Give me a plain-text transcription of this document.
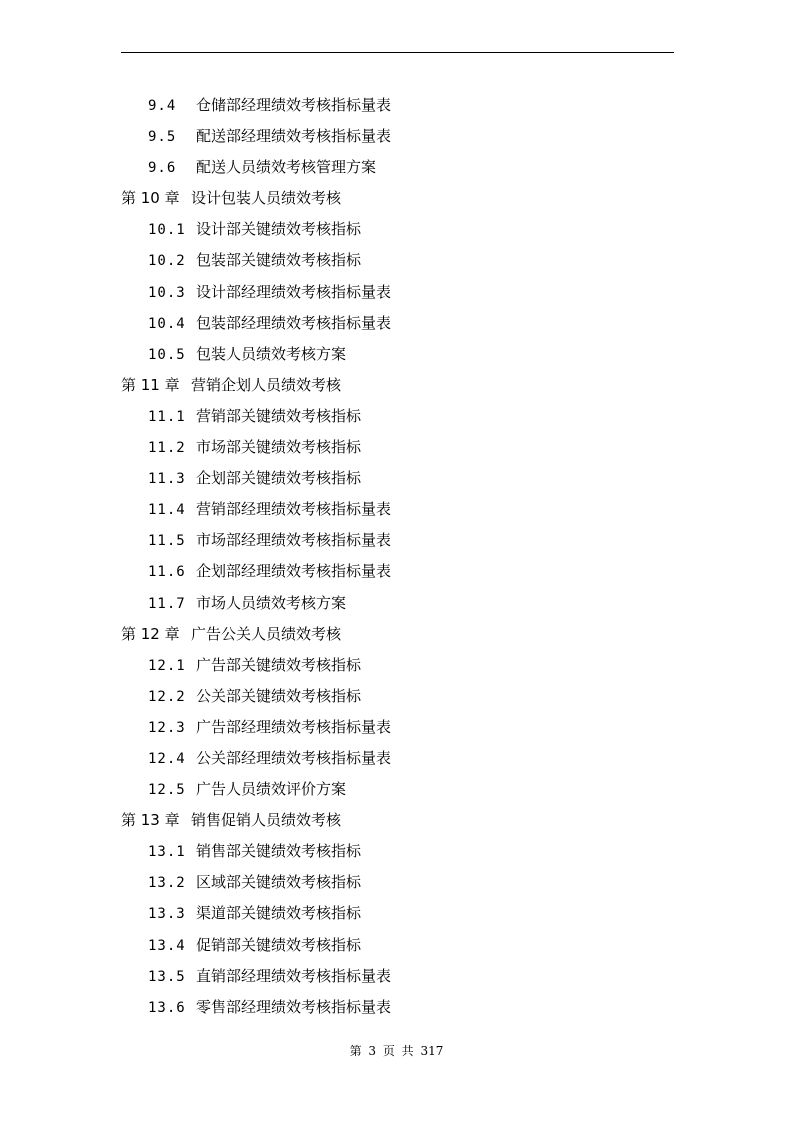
9.4 仓储部经理绩效考核指标量表
9.5 配送部经理绩效考核指标量表
9.6 配送人员绩效考核管理方案
第 10 章 设计包装人员绩效考核
10.1 设计部关键绩效考核指标
10.2 包装部关键绩效考核指标
10.3 设计部经理绩效考核指标量表
10.4 包装部经理绩效考核指标量表
10.5 包装人员绩效考核方案
第 11 章 营销企划人员绩效考核
11.1 营销部关键绩效考核指标
11.2 市场部关键绩效考核指标
11.3 企划部关键绩效考核指标
11.4 营销部经理绩效考核指标量表
11.5 市场部经理绩效考核指标量表
11.6 企划部经理绩效考核指标量表
11.7 市场人员绩效考核方案
第 12 章 广告公关人员绩效考核
12.1 广告部关键绩效考核指标
12.2 公关部关键绩效考核指标
12.3 广告部经理绩效考核指标量表
12.4 公关部经理绩效考核指标量表
12.5 广告人员绩效评价方案
第 13 章 销售促销人员绩效考核
13.1 销售部关键绩效考核指标
13.2 区域部关键绩效考核指标
13.3 渠道部关键绩效考核指标
13.4 促销部关键绩效考核指标
13.5 直销部经理绩效考核指标量表
13.6 零售部经理绩效考核指标量表
第 3 页 共 317
